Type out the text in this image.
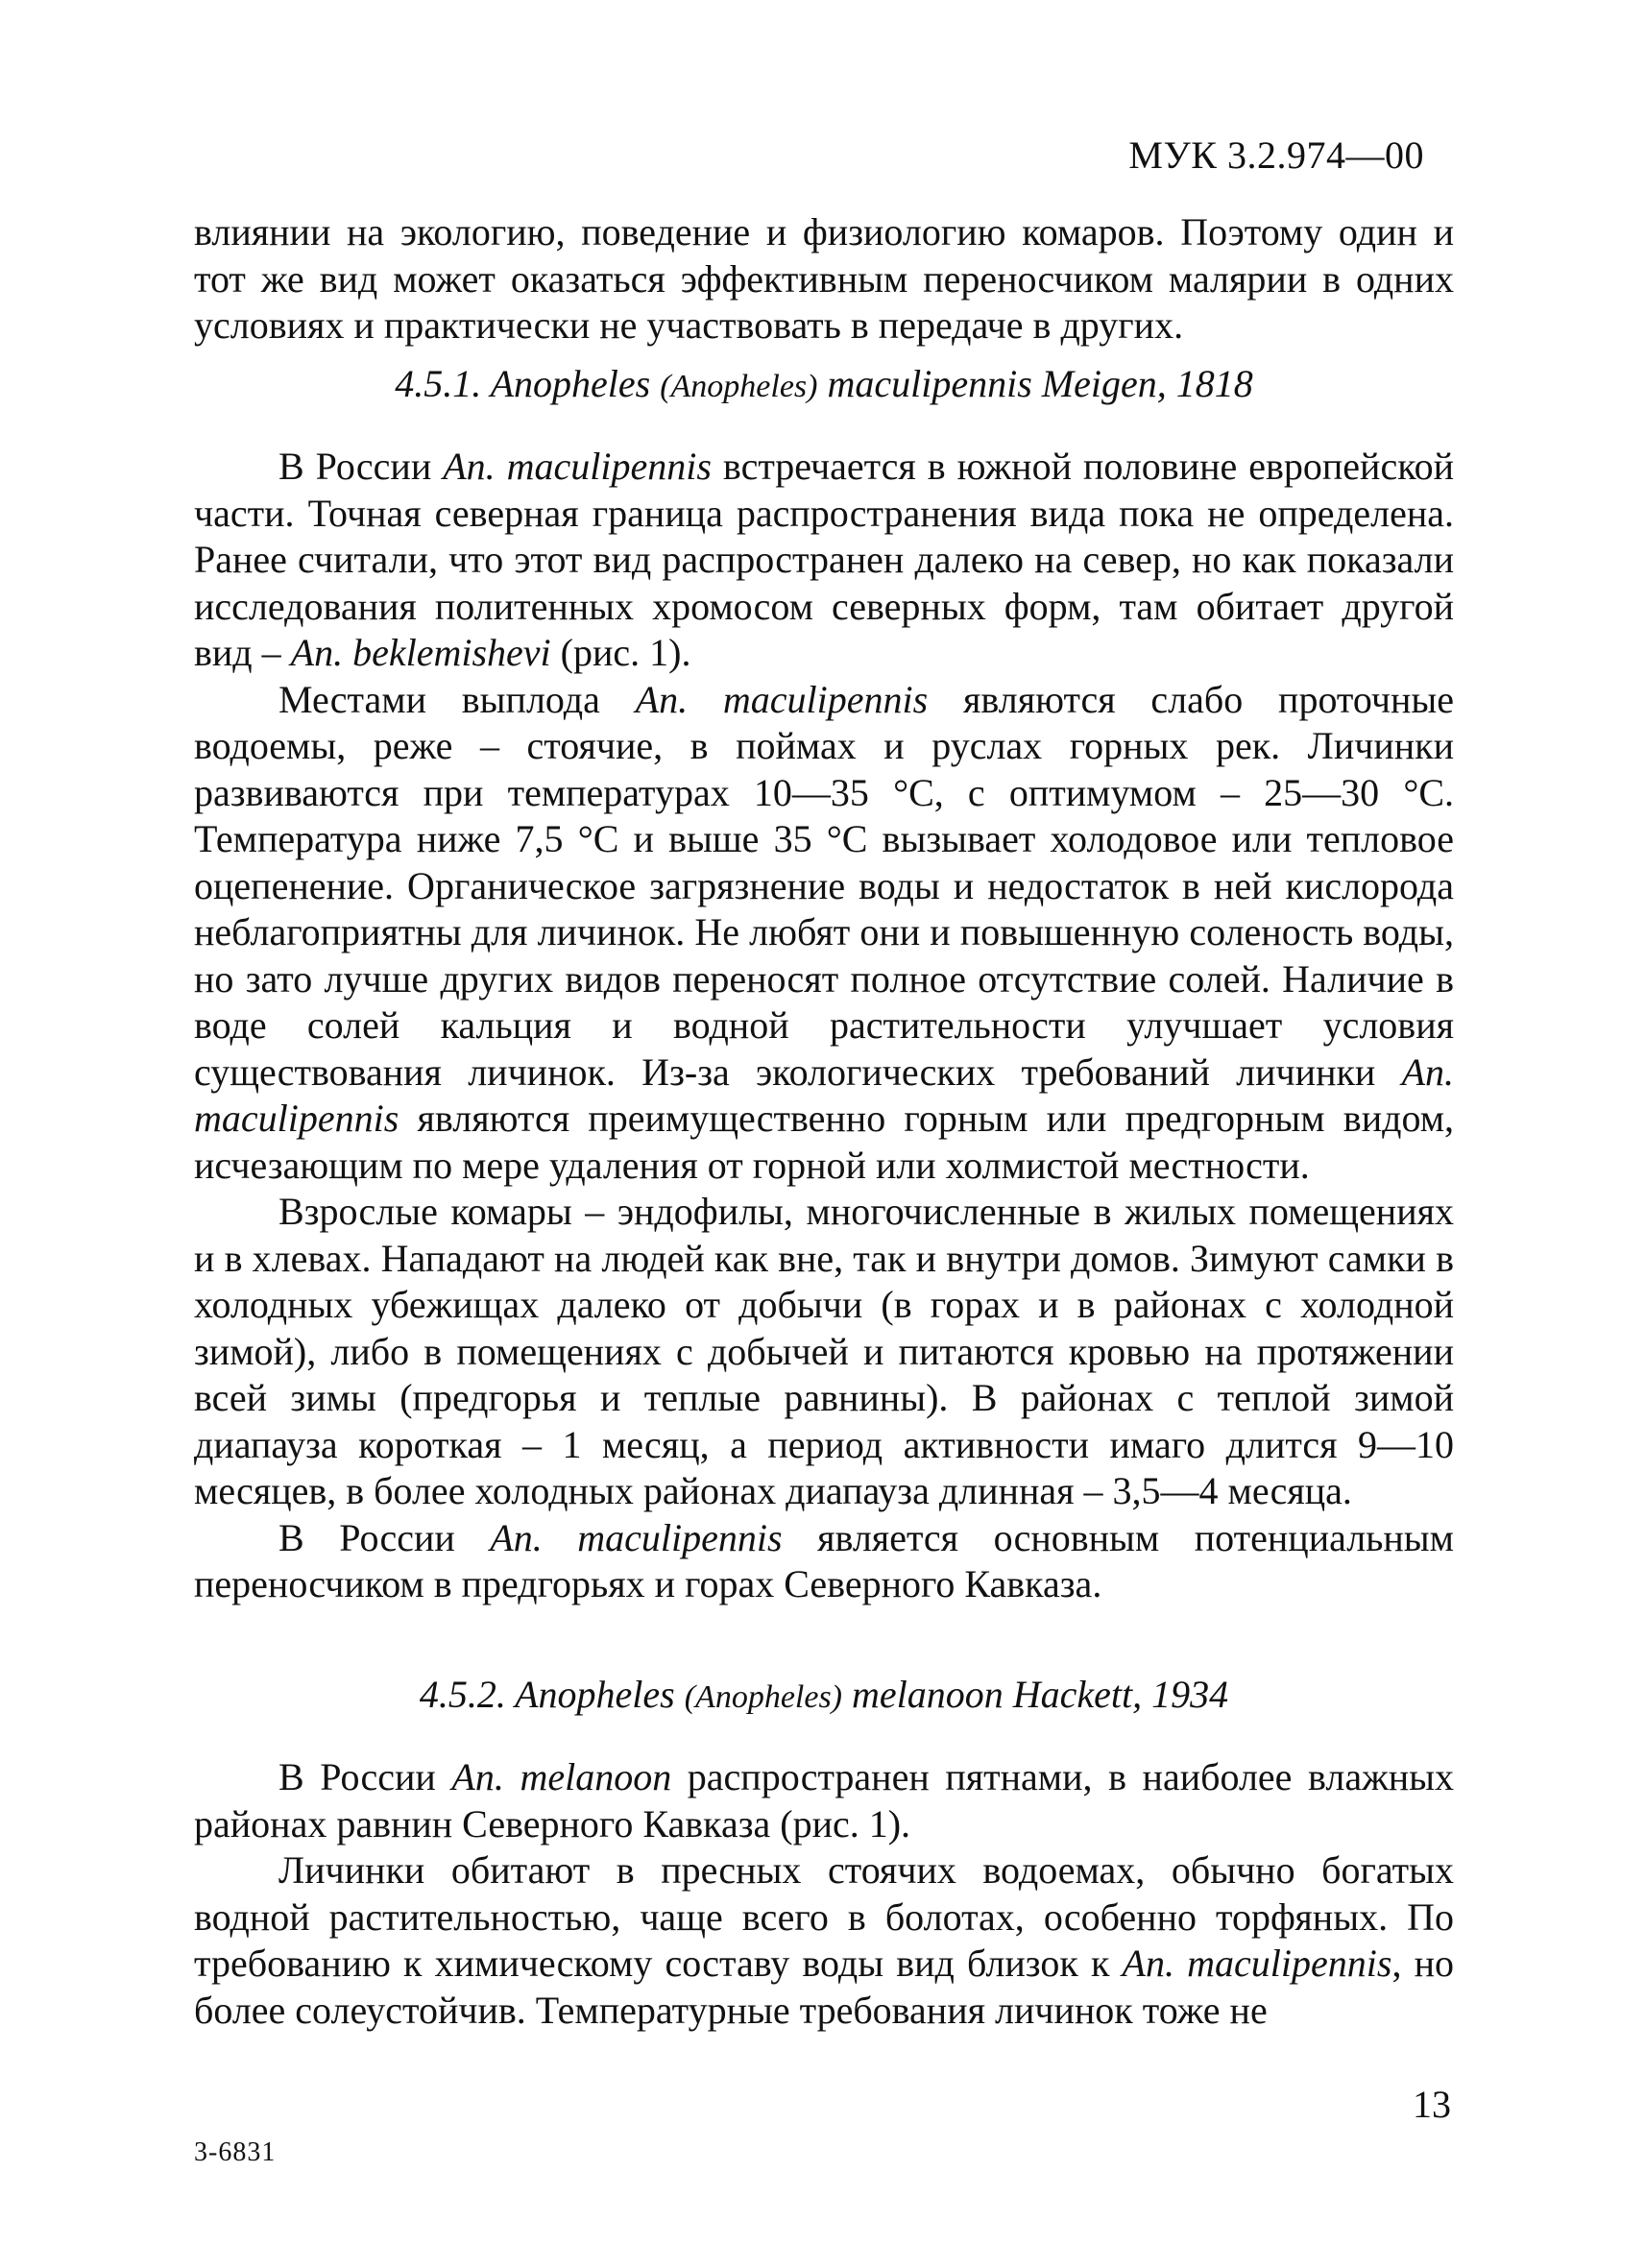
МУК 3.2.974—00

влиянии на экологию, поведение и физиологию комаров. Поэтому один и тот же вид может оказаться эффективным переносчиком малярии в одних условиях и практически не участвовать в передаче в других.

4.5.1. Anopheles (Anopheles) maculipennis Meigen, 1818

В России An. maculipennis встречается в южной половине европейской части. Точная северная граница распространения вида пока не определена. Ранее считали, что этот вид распространен далеко на север, но как показали исследования политенных хромосом северных форм, там обитает другой вид – An. beklemishevi (рис. 1).

Местами выплода An. maculipennis являются слабо проточные водоемы, реже – стоячие, в поймах и руслах горных рек. Личинки развиваются при температурах 10—35 °С, с оптимумом – 25—30 °С. Температура ниже 7,5 °С и выше 35 °С вызывает холодовое или тепловое оцепенение. Органическое загрязнение воды и недостаток в ней кислорода неблагоприятны для личинок. Не любят они и повышенную соленость воды, но зато лучше других видов переносят полное отсутствие солей. Наличие в воде солей кальция и водной растительности улучшает условия существования личинок. Из-за экологических требований личинки An. maculipennis являются преимущественно горным или предгорным видом, исчезающим по мере удаления от горной или холмистой местности.

Взрослые комары – эндофилы, многочисленные в жилых помещениях и в хлевах. Нападают на людей как вне, так и внутри домов. Зимуют самки в холодных убежищах далеко от добычи (в горах и в районах с холодной зимой), либо в помещениях с добычей и питаются кровью на протяжении всей зимы (предгорья и теплые равнины). В районах с теплой зимой диапауза короткая – 1 месяц, а период активности имаго длится 9—10 месяцев, в более холодных районах диапауза длинная – 3,5—4 месяца.

В России An. maculipennis является основным потенциальным переносчиком в предгорьях и горах Северного Кавказа.

4.5.2. Anopheles (Anopheles) melanoon Hackett, 1934

В России An. melanoon распространен пятнами, в наиболее влажных районах равнин Северного Кавказа (рис. 1).

Личинки обитают в пресных стоячих водоемах, обычно богатых водной растительностью, чаще всего в болотах, особенно торфяных. По требованию к химическому составу воды вид близок к An. maculipennis, но более солеустойчив. Температурные требования личинок тоже не

13
3-6831
